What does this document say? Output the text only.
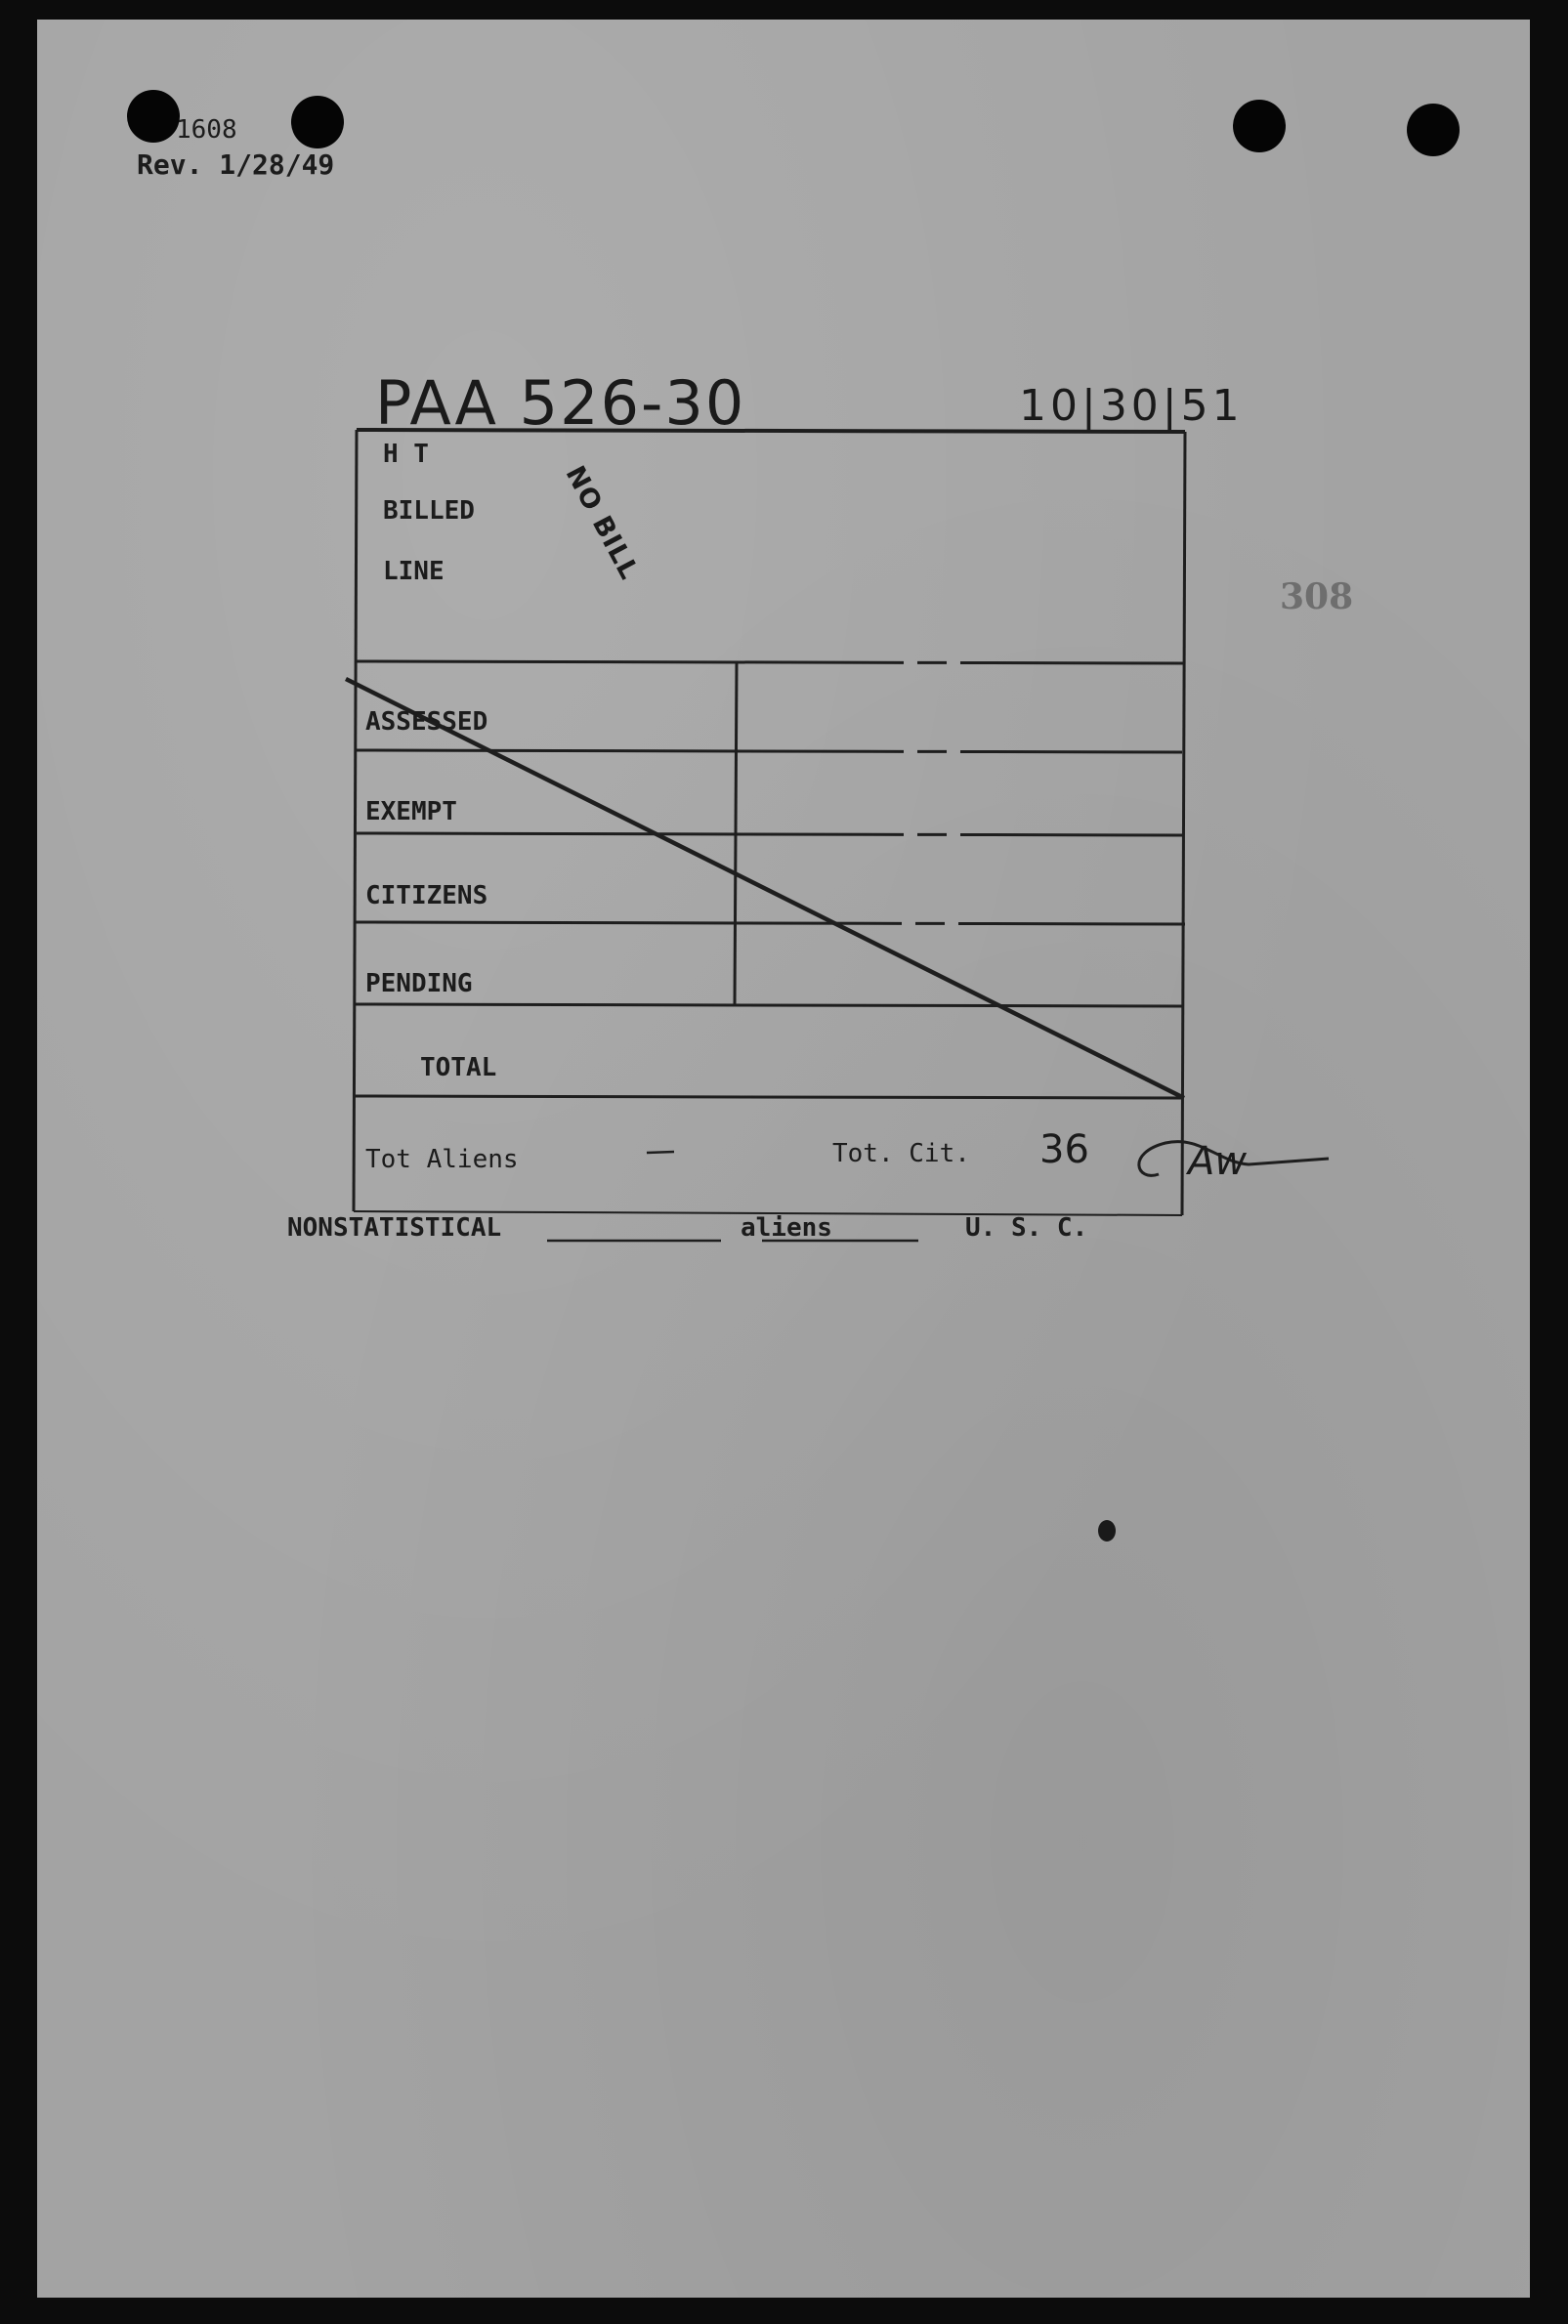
1608
Rev. 1/28/49
PAA 526-30	10|30|51
308
NO BILL
H T
BILLED
LINE
ASSESSED
EXEMPT
CITIZENS
PENDING
TOTAL
Tot Aliens	Tot. Cit. 36	Aw
NONSTATISTICAL	aliens	U. S. C.
